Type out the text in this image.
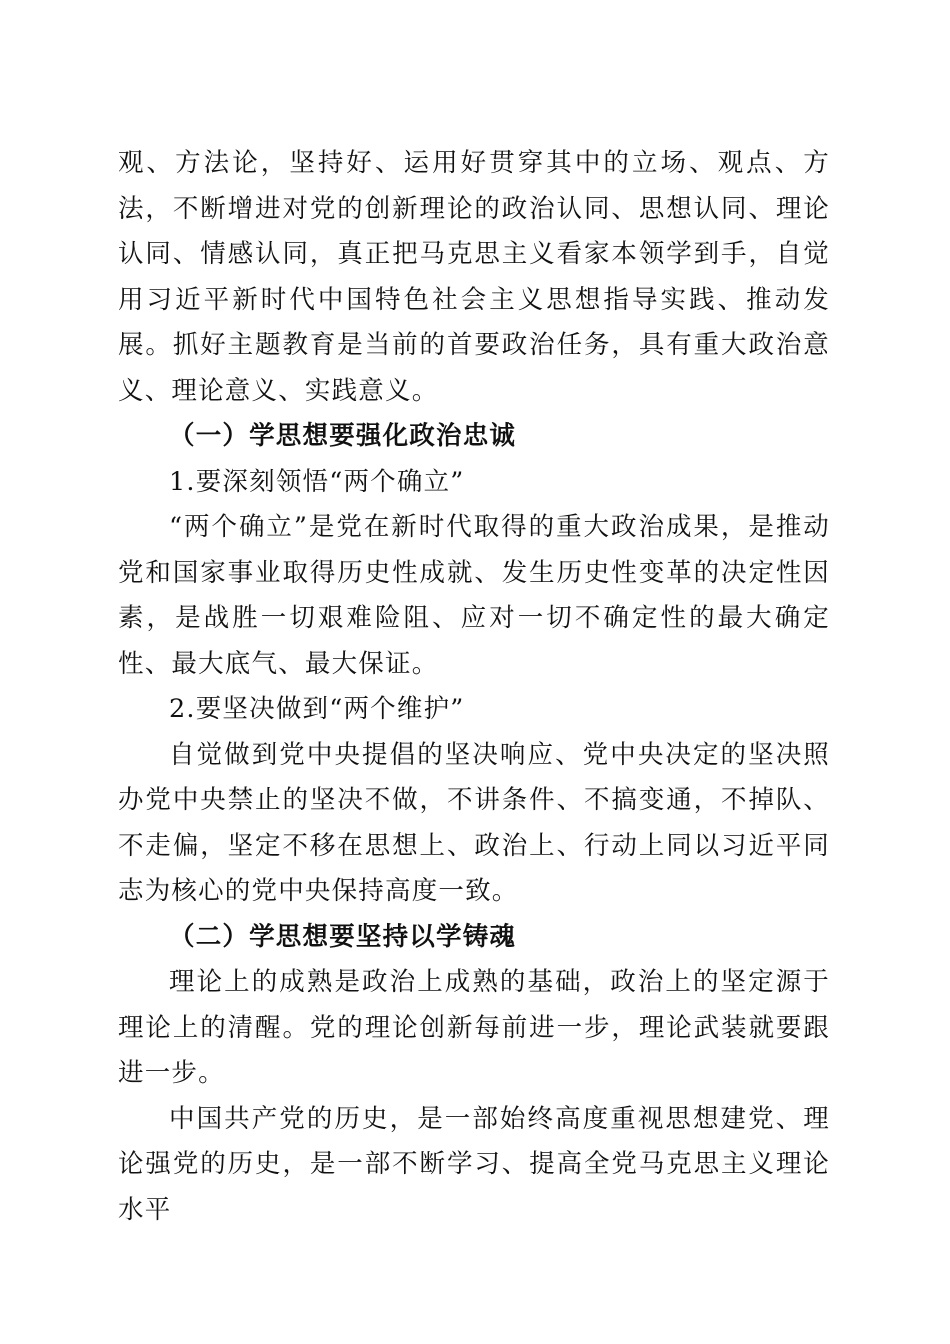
观、方法论，坚持好、运用好贯穿其中的立场、观点、方法，不断增进对党的创新理论的政治认同、思想认同、理论认同、情感认同，真正把马克思主义看家本领学到手，自觉用习近平新时代中国特色社会主义思想指导实践、推动发展。抓好主题教育是当前的首要政治任务，具有重大政治意义、理论意义、实践意义。

（一）学思想要强化政治忠诚

1.要深刻领悟“两个确立”

“两个确立”是党在新时代取得的重大政治成果，是推动党和国家事业取得历史性成就、发生历史性变革的决定性因素，是战胜一切艰难险阻、应对一切不确定性的最大确定性、最大底气、最大保证。

2.要坚决做到“两个维护”

自觉做到党中央提倡的坚决响应、党中央决定的坚决照办党中央禁止的坚决不做，不讲条件、不搞变通，不掉队、不走偏，坚定不移在思想上、政治上、行动上同以习近平同志为核心的党中央保持高度一致。

（二）学思想要坚持以学铸魂

理论上的成熟是政治上成熟的基础，政治上的坚定源于理论上的清醒。党的理论创新每前进一步，理论武装就要跟进一步。

中国共产党的历史，是一部始终高度重视思想建党、理论强党的历史，是一部不断学习、提高全党马克思主义理论水平
